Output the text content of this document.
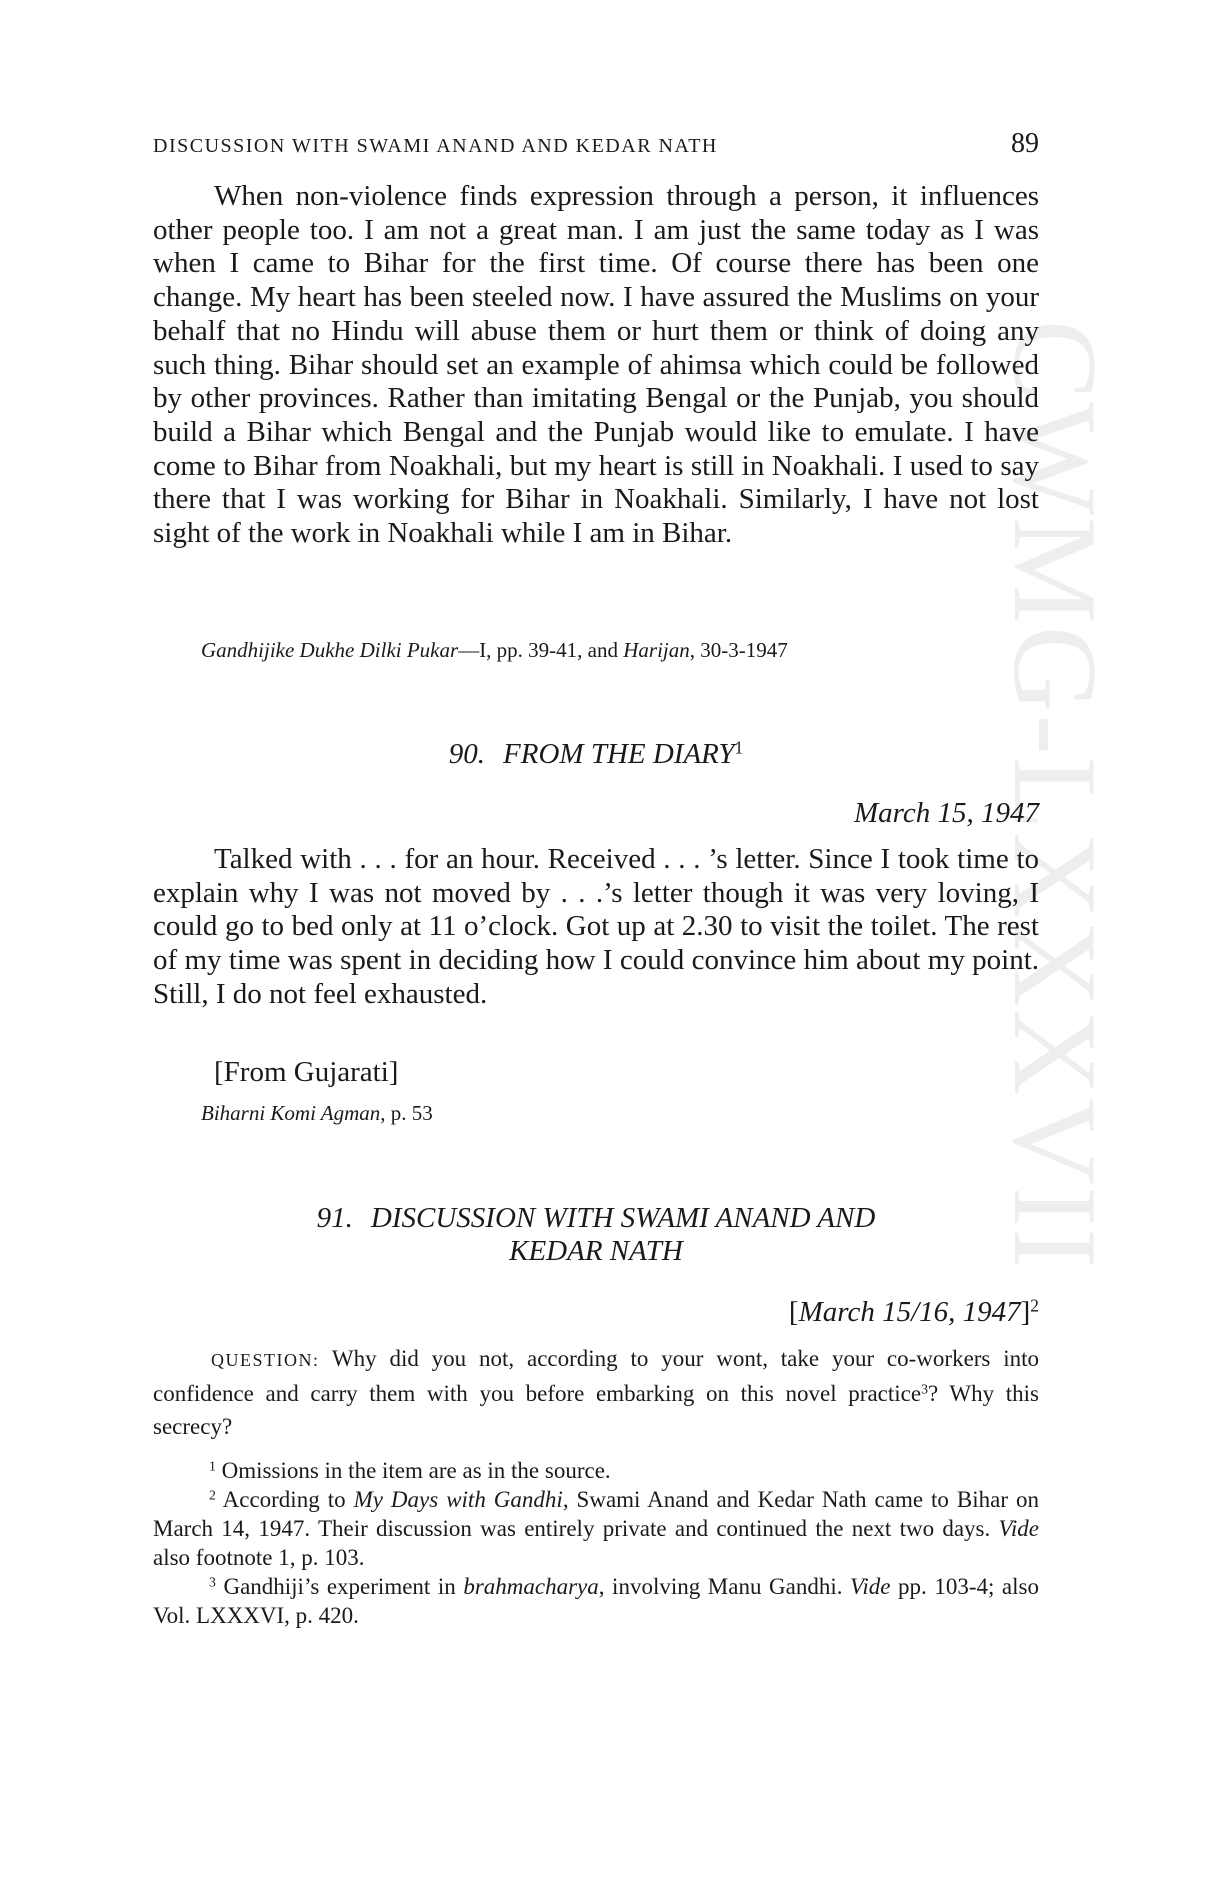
CWMG-LXXXVII
DISCUSSION WITH SWAMI ANAND AND KEDAR NATH	89

When non-violence finds expression through a person, it influences other people too. I am not a great man. I am just the same today as I was when I came to Bihar for the first time. Of course there has been one change. My heart has been steeled now. I have assured the Muslims on your behalf that no Hindu will abuse them or hurt them or think of doing any such thing. Bihar should set an example of ahimsa which could be followed by other provinces. Rather than imitating Bengal or the Punjab, you should build a Bihar which Bengal and the Punjab would like to emulate. I have come to Bihar from Noakhali, but my heart is still in Noakhali. I used to say there that I was working for Bihar in Noakhali. Similarly, I have not lost sight of the work in Noakhali while I am in Bihar.

Gandhijike Dukhe Dilki Pukar—I, pp. 39-41, and Harijan, 30-3-1947

90. FROM THE DIARY$^1$
March 15, 1947

Talked with . . . for an hour. Received . . . ’s letter. Since I took time to explain why I was not moved by . . .’s letter though it was very loving, I could go to bed only at 11 o’clock. Got up at 2.30 to visit the toilet. The rest of my time was spent in deciding how I could convince him about my point. Still, I do not feel exhausted.

[From Gujarati]

Biharni Komi Agman, p. 53

91. DISCUSSION WITH SWAMI ANAND AND
KEDAR NATH
[March 15/16, 1947]$^2$

QUESTION: Why did you not, according to your wont, take your co-workers into confidence and carry them with you before embarking on this novel practice$^3$? Why this secrecy?

$^1$ Omissions in the item are as in the source.

$^2$ According to My Days with Gandhi, Swami Anand and Kedar Nath came to Bihar on March 14, 1947. Their discussion was entirely private and continued the next two days. Vide also footnote 1, p. 103.

$^3$ Gandhiji’s experiment in brahmacharya, involving Manu Gandhi. Vide pp. 103-4; also Vol. LXXXVI, p. 420.
